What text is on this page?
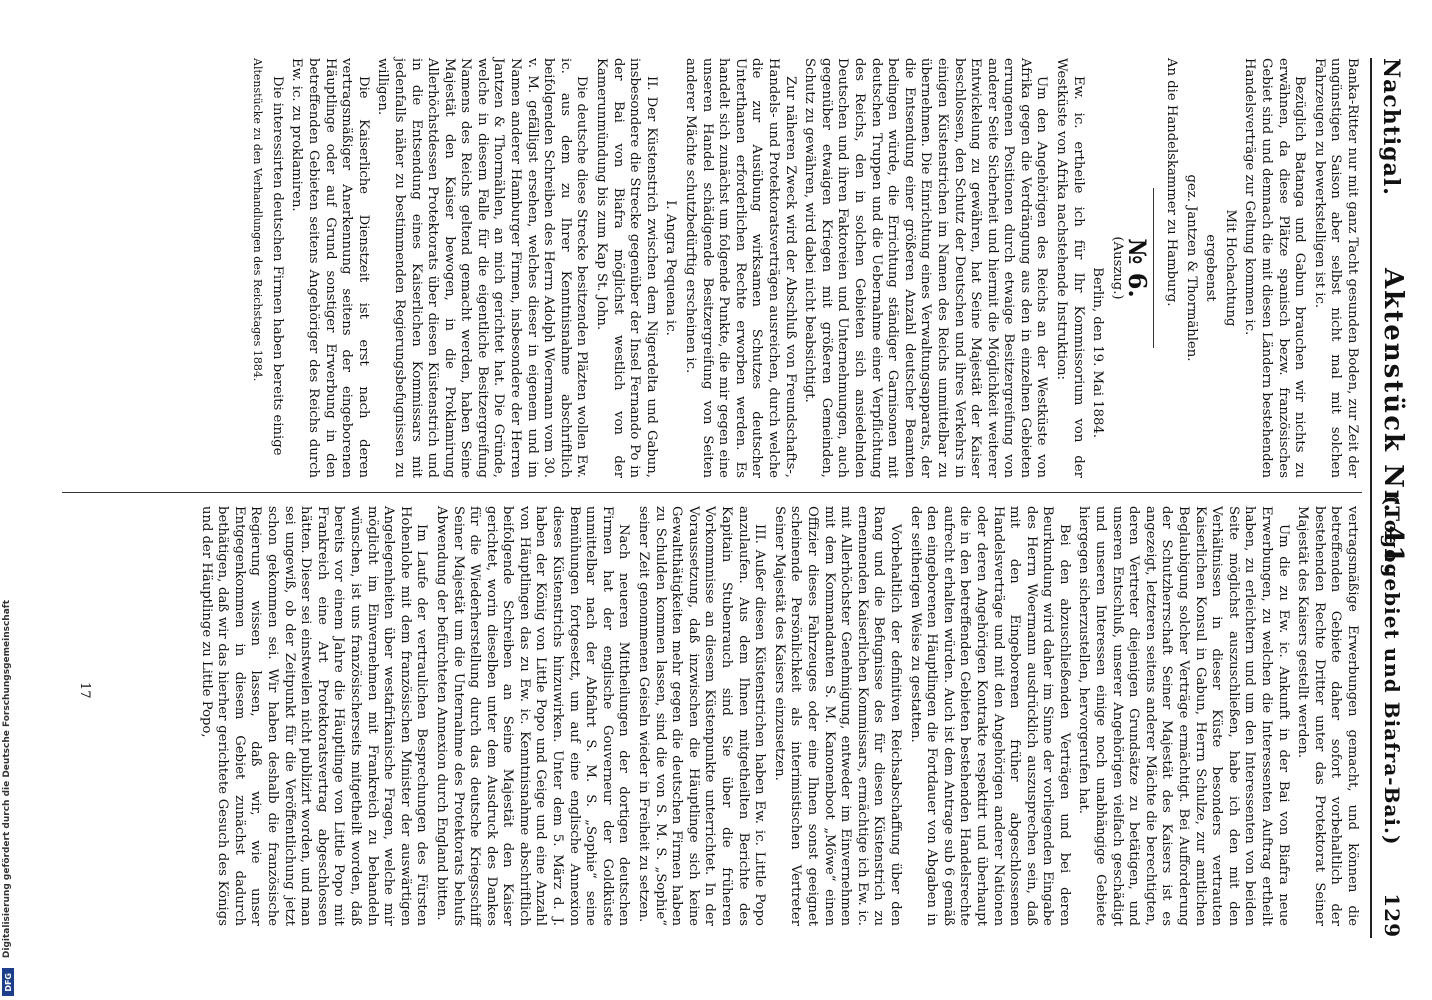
Digitalisierung gefördert durch die Deutsche Forschungsgemeinschaft
DFG
Nachtigal.
Aktenstück Nr. 41.
(Togogebiet und Biafra-Bai.)      129

Banka-Ritter nur mit ganz Tacht gesunden Boden, zur Zeit der ungünstigen Saison aber selbst nicht mal mit solchen Fahrzeugen zu bewerkstelligen ist ic.

Bezüglich Batanga und Gabun brauchen wir nichts zu erwähnen, da diese Plätze spanisch bezw. französisches Gebiet sind und demnach die mit diesen Ländern bestehenden Handelsverträge zur Geltung kommen ic.

Mit Hochachtung

ergebenst

gez. Jantzen & Thormählen.

An die Handelskammer zu Hamburg.

№ 6.

(Auszug.)

Berlin, den 19. Mai 1884.

Ew. ic. ertheile ich für Ihr Kommissorium von der Westküste von Afrika nachstehende Instruktion:

Um den Angehörigen des Reichs an der Westküste von Afrika gegen die Verdrängung aus den in einzelnen Gebieten errungenen Positionen durch etwaige Besitzergreifung von anderer Seite Sicherheit und hiermit die Möglichkeit weiterer Entwickelung zu gewähren, hat Seine Majestät der Kaiser beschlossen, den Schutz der Deutschen und ihres Verkehrs in einigen Küstenstrichen im Namen des Reichs unmittelbar zu übernehmen. Die Einrichtung eines Verwaltungsapparats, der die Entsendung einer größeren Anzahl deutscher Beamten bedingen würde, die Errichtung ständiger Garnisonen mit deutschen Truppen und die Uebernahme einer Verpflichtung des Reichs, den in solchen Gebieten sich ansiedelnden Deutschen und ihren Faktoreien und Unternehmungen, auch gegenüber etwaigen Kriegen mit größeren Gemeinden, Schutz zu gewähren, wird dabei nicht beabsichtigt.

Zur näheren Zweck wird der Abschluß von Freundschafts-, Handels- und Protektoratsverträgen ausreichen, durch welche die zur Ausübung wirksamen Schutzes deutscher Unterthanen erforderlichen Rechte erworben werden. Es handelt sich zunächst um folgende Punkte, die mir gegen eine unseren Handel schädigende Besitzergreifung von Seiten anderer Mächte schutzbedürftig erscheinen ic.

I. Angra Pequena ic.

II. Der Küstenstrich zwischen dem Nigerdelta und Gabun, insbesondere die Strecke gegenüber der Insel Fernando Po in der Bai von Biafra möglichst westlich von der Kamerunmündung bis zum Kap St. John.

Die deutsche diese Strecke besitzenden Pläzten wollen Ew. ic. aus dem zu Ihrer Kenntnisnahme abschriftlich beifolgenden Schreiben des Herrn Adolph Woermann vom 30. v. M. gefälligst ersehen, welches dieser in eigenem und im Namen anderer Hamburger Firmen, insbesondere der Herren Jantzen & Thormählen, an mich gerichtet hat. Die Gründe, welche in diesem Falle für die eigentliche Besitzergreifung Namens des Reichs geltend gemacht werden, haben Seine Majestät den Kaiser bewogen, in die Proklamirung Allerhöchstdessen Protektorats über diesen Küstenstrich und in die Entsendung eines Kaiserlichen Kommissars mit jedenfalls näher zu bestimmenden Regierungsbefugnissen zu willigen.

Die Kaiserliche Dienstzeit ist erst nach deren vertragsmäßiger Anerkennung seitens der eingeborenen Häuptlinge oder auf Grund sonstiger Erwerbung in den betreffenden Gebieten seitens Angehöriger des Reichs durch Ew. ic. zu proklamiren.

Die interessirten deutschen Firmen haben bereits einige

Altenstücke zu den Verhandlungen des Reichstages 1884.

vertragsmäßige Erwerbungen gemacht, und können die betreffenden Gebiete daher sofort vorbehaltlich der bestehenden Rechte Dritter unter das Protektorat Seiner Majestät des Kaisers gestellt werden.

Um die zu Ew. ic. Ankunft in der Bai von Biafra neue Erwerbungen, zu welchen die Interessenten Auftrag ertheilt haben, zu erleichtern und um den Interessenten von beiden Seite möglichst auszuschließen, habe ich den mit den Verhältnissen in dieser Küste besonders vertrauten Kaiserlichen Konsul in Gabun, Herrn Schulze, zur amtlichen Beglaubigung solcher Verträge ermächtigt. Bei Aufforderung der Schutzherrschaft Seiner Majestät des Kaisers ist es angezeigt, letzteren seitens anderer Mächte die berechtigten, deren Vertreter diejenigen Grundsätze zu betätigen, und unseren Entschluß, unserer Angehörigen vielfach geschädigt und unseren Interessen einige noch unabhängige Gebiete hiergegen sicherzustellen, hervorgerufen hat.

Bei den abzuschließenden Verträgen und bei deren Beurkundung wird daher im Sinne der vorliegenden Eingabe des Herrn Woermann ausdrücklich auszusprechen sein, daß mit den Eingeborenen früher abgeschlossenen Handelsverträge und mit den Angehörigen anderer Nationen oder deren Angehörigen Kontrakte respektirt und überhaupt die in den betreffenden Gebieten bestehenden Handelsrechte aufrecht erhalten würden. Auch ist dem Antrage sub 6 gemäß den eingeborenen Häuptlingen die Fortdauer von Abgaben in der seitherigen Weise zu gestatten.

Vorbehaltlich der definitiven Reichsabschaffung über den Rang und die Befugnisse des für diesen Küstenstrich zu ernennenden Kaiserlichen Kommissars, ermächtige ich Ew. ic. mit Allerhöchster Genehmigung, entweder im Einvernehmen mit dem Kommandanten S. M. Kanonenboot „Möwe“ einen Offizier dieses Fahrzeuges oder eine Ihnen sonst geeignet scheinende Persönlichkeit als interimistischen Vertreter Seiner Majestät des Kaisers einzusetzen.

III. Außer diesen Küstenstrichen haben Ew. ic. Little Popo anzulaufen. Aus dem Ihnen mitgetheilten Berichte des Kapitain Stubenrauch sind Sie über die früheren Vorkommnisse an diesem Küstenpunkte unterrichtet. In der Voraussetzung, daß inzwischen die Häuptlinge sich keine Gewaltthätigkeiten mehr gegen die deutschen Firmen haben zu Schulden kommen lassen, sind die von S. M. S. „Sophie“ seiner Zeit genommenen Geiseln wieder in Freiheit zu setzen.

Nach neueren Mittheilungen der dortigen deutschen Firmen hat der englische Gouverneur der Goldküste unmittelbar nach der Abfahrt S. M. S. „Sophie“ seine Bemühungen fortgesetzt, um auf eine englische Annexion dieses Küstenstrichs hinzuwirken. Unter dem 5. März d. J. haben der König von Little Popo und Geige und eine Anzahl von Häuptlingen das zu Ew. ic. Kenntnisnahme abschriftlich beifolgende Schreiben an Seine Majestät den Kaiser gerichtet, worin dieselben unter dem Ausdruck des Dankes für die Wiederherstellung durch das deutsche Kriegsschiff Seiner Majestät um die Unternahme des Protektorats behufs Abwendung der befürchteten Annexion durch England bitten.

Im Laufe der vertraulichen Besprechungen des Fürsten Hohenlohe mit dem französischen Minister der auswärtigen Angelegenheiten über westafrikanische Fragen, welche mir möglicht im Einvernehmen mit Frankreich zu behandeln wünschen, ist uns französischerseits mitgetheilt worden, daß bereits vor einem Jahre die Häuptlinge von Little Popo mit Frankreich eine Art Protektoratsvertrag abgeschlossen hätten. Dieser sei einstweilen nicht publizirt worden, und man sei ungewiß, ob der Zeitpunkt für die Veröffentlichung jetzt schon gekommen sei. Wir haben deshalb die französische Regierung wissen lassen, daß wir, wie unser Entgegenkommen in diesem Gebiet zunächst dadurch bethätigen, daß wir das hierher gerichtete Gesuch des Königs und der Häuptlinge zu Little Popo,

17
